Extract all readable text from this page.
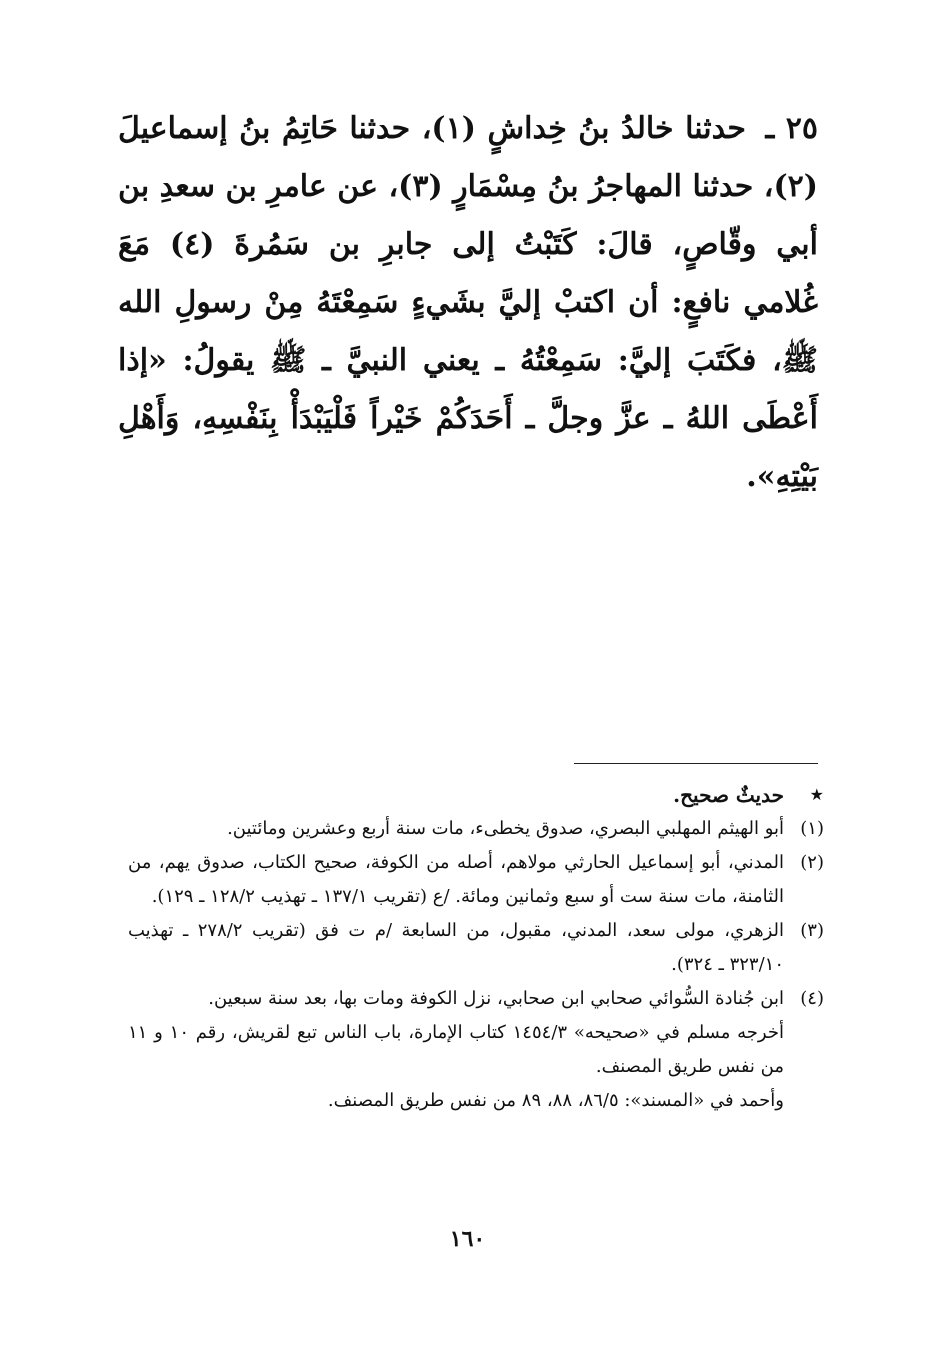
٢٥ ـ حدثنا خالدُ بنُ خِداشٍ (١)، حدثنا حَاتِمُ بنُ إسماعيلَ (٢)، حدثنا المهاجرُ بنُ مِسْمَارٍ (٣)، عن عامرِ بن سعدِ بن أبي وقّاصٍ، قالَ: كَتَبْتُ إلى جابرِ بن سَمُرةَ (٤) مَعَ غُلامي نافعٍ: أن اكتبْ إليَّ بشَيءٍ سَمِعْتَهُ مِنْ رسولِ الله ﷺ، فكَتَبَ إليَّ: سَمِعْتُهُ ـ يعني النبيَّ ـ ﷺ يقولُ: «إذا أَعْطَى اللهُ ـ عزَّ وجلَّ ـ أَحَدَكُمْ خَيْراً فَلْيَبْدَأْ بِنَفْسِهِ، وَأَهْلِ بَيْتِهِ».
★
حديثٌ صحيح.
(١)
أبو الهيثم المهلبي البصري، صدوق يخطىء، مات سنة أربع وعشرين ومائتين.
(٢)
المدني، أبو إسماعيل الحارثي مولاهم، أصله من الكوفة، صحيح الكتاب، صدوق يهم، من الثامنة، مات سنة ست أو سبع وثمانين ومائة. /ع (تقريب ١٣٧/١ ـ تهذيب ١٢٨/٢ ـ ١٢٩).
(٣)
الزهري، مولى سعد، المدني، مقبول، من السابعة /م ت فق (تقريب ٢٧٨/٢ ـ تهذيب ٣٢٣/١٠ ـ ٣٢٤).
(٤)
ابن جُنادة السُّوائي صحابي ابن صحابي، نزل الكوفة ومات بها، بعد سنة سبعين.
أخرجه مسلم في «صحيحه» ١٤٥٤/٣ كتاب الإمارة، باب الناس تبع لقريش، رقم ١٠ و ١١ من نفس طريق المصنف.
وأحمد في «المسند»: ٨٦/٥، ٨٨، ٨٩ من نفس طريق المصنف.
١٦٠
